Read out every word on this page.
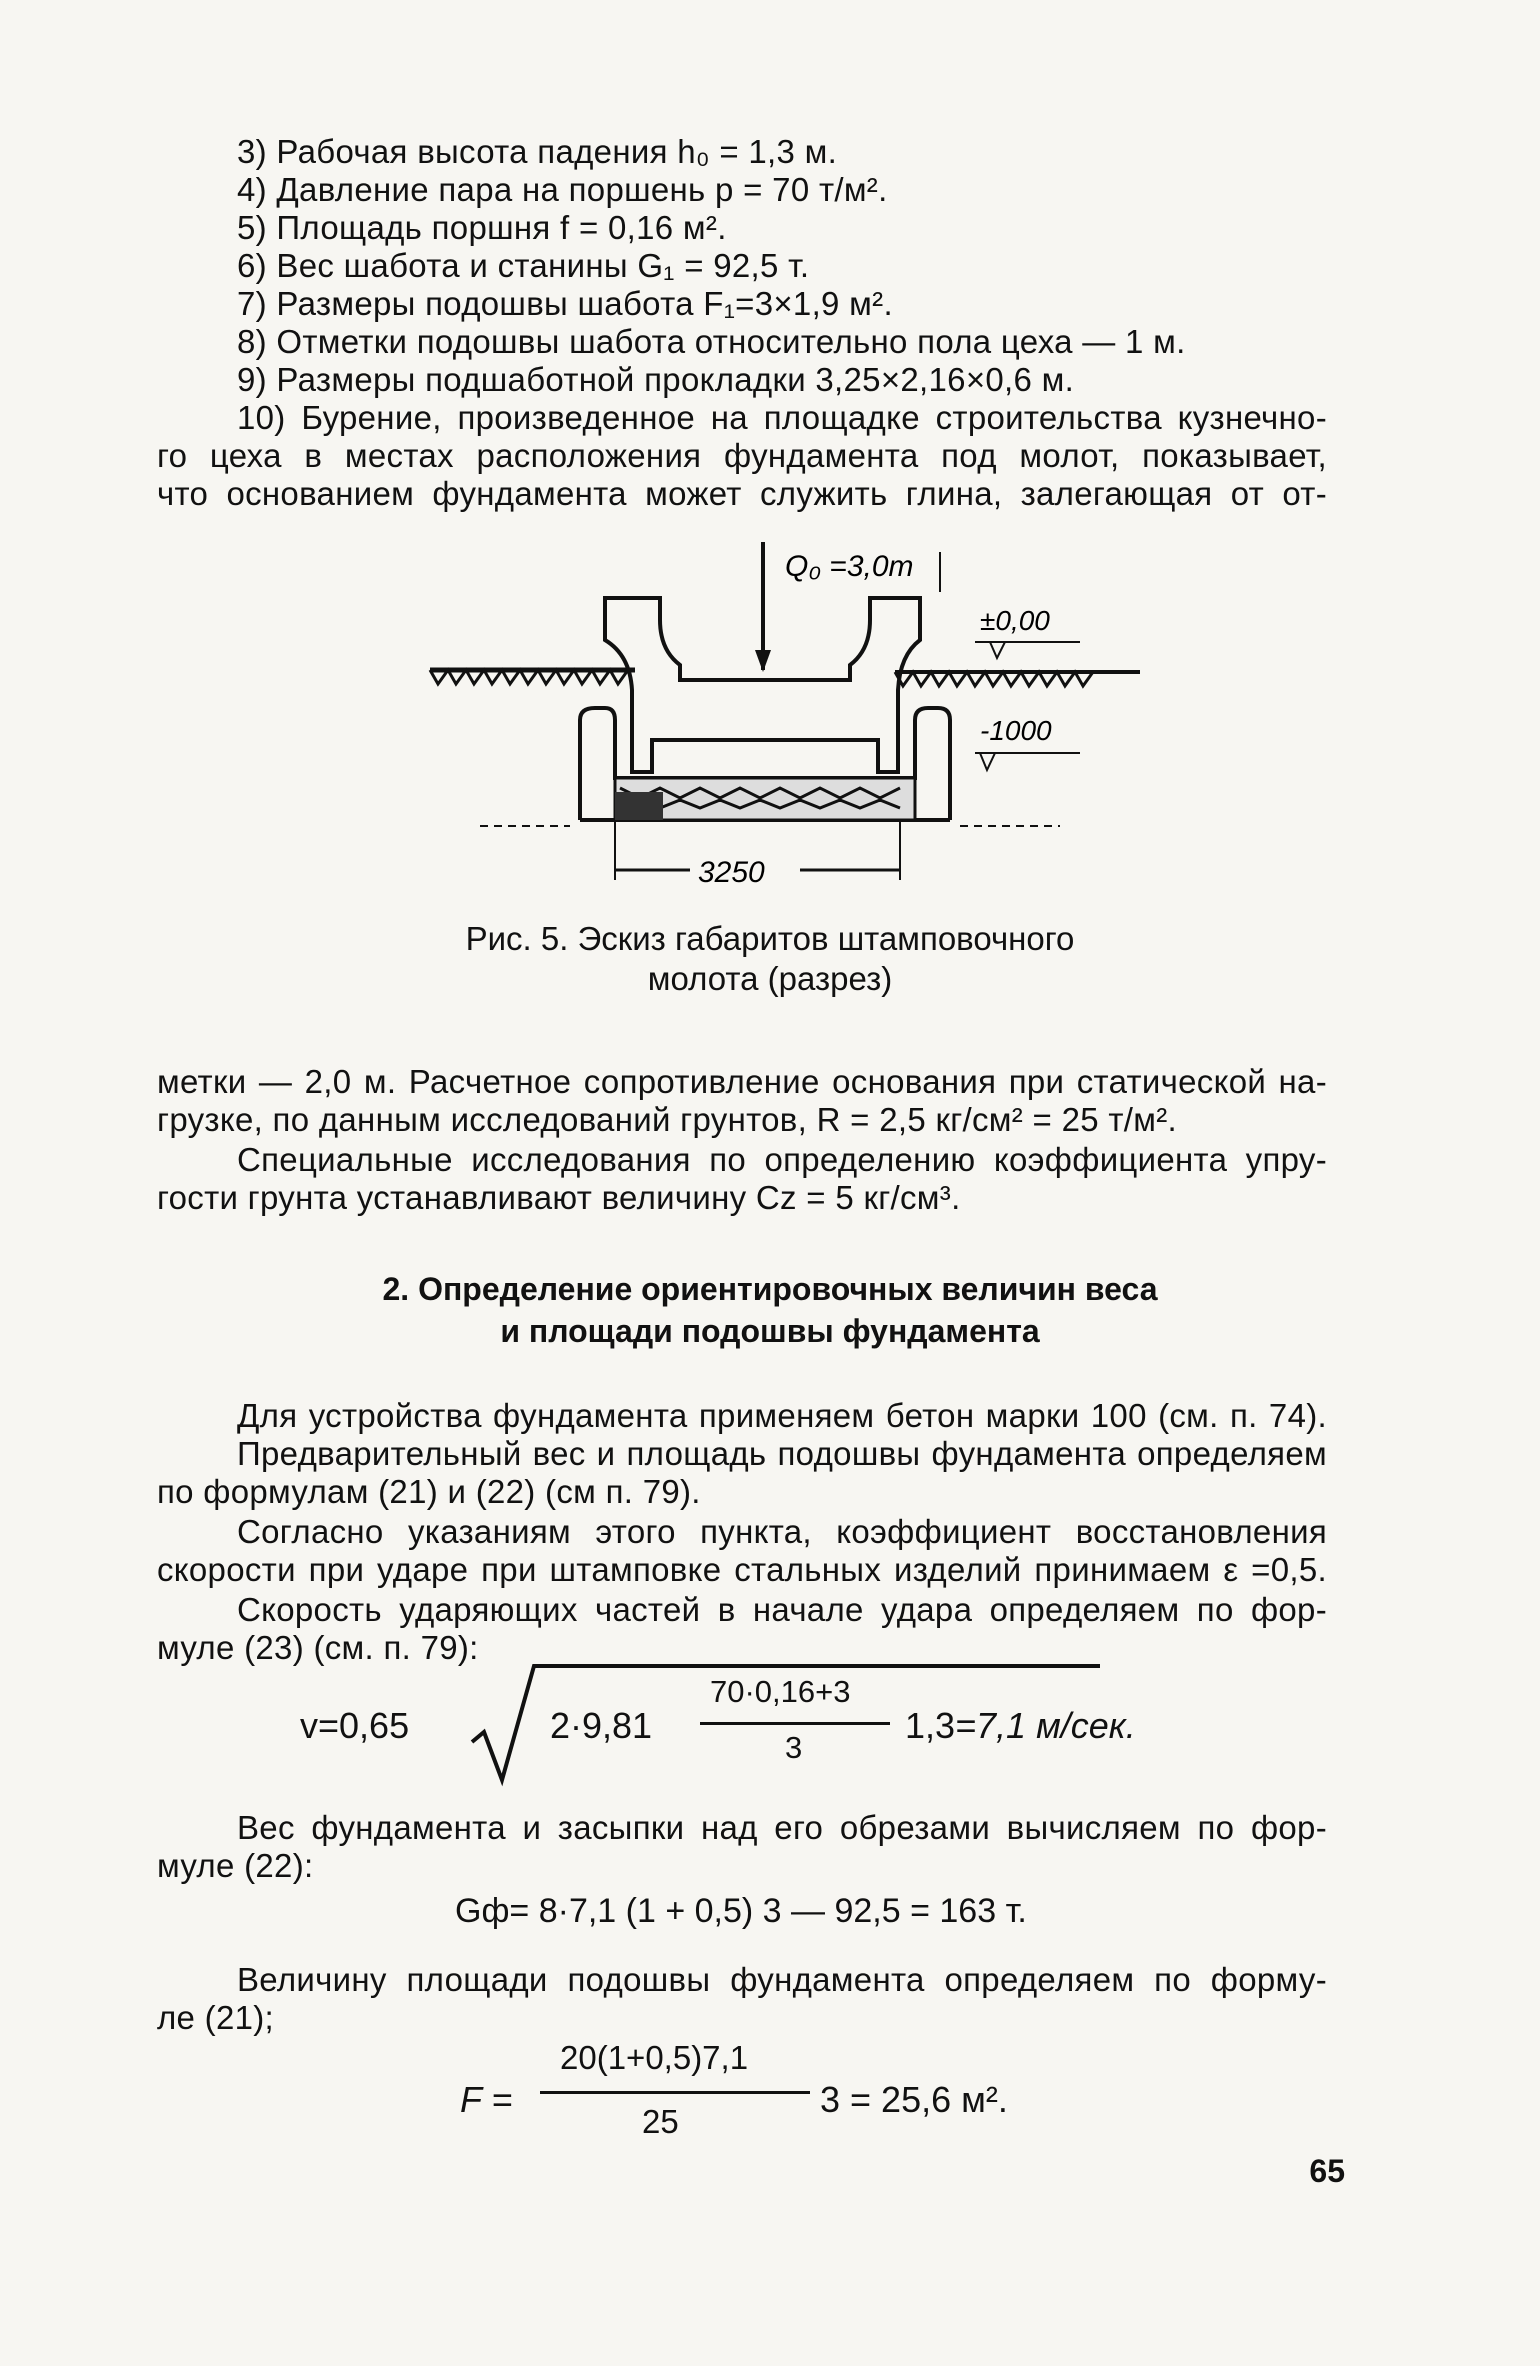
3) Рабочая высота падения h₀ = 1,3 м.
4) Давление пара на поршень p = 70 т/м².
5) Площадь поршня f = 0,16 м².
6) Вес шабота и станины G₁ = 92,5 т.
7) Размеры подошвы шабота F₁=3×1,9 м².
8) Отметки подошвы шабота относительно пола цеха — 1 м.
9) Размеры подшаботной прокладки 3,25×2,16×0,6 м.
10) Бурение, произведенное на площадке строительства кузнечно-
го цеха в местах расположения фундамента под молот, показывает,
что основанием фундамента может служить глина, залегающая от от-
Q₀ =3,0т
±0,00
-1000
3250
Рис. 5. Эскиз габаритов штамповочного
молота (разрез)
метки — 2,0 м. Расчетное сопротивление основания при статической на-
грузке, по данным исследований грунтов, R = 2,5 кг/см² = 25 т/м².
Специальные исследования по определению коэффициента упру-
гости грунта устанавливают величину Cᴢ = 5 кг/см³.
2. Определение ориентировочных величин веса
и площади подошвы фундамента
Для устройства фундамента применяем бетон марки 100 (см. п. 74).
Предварительный вес и площадь подошвы фундамента определяем
по формулам (21) и (22) (см п. 79).
Согласно указаниям этого пункта, коэффициент восстановления
скорости при ударе при штамповке стальных изделий принимаем ε =0,5.
Скорость ударяющих частей в начале удара определяем по фор-
муле (23) (см. п. 79):
v=0,65	2·9,81
70·0,16+3
3
1,3 =7,1 м/сек.
Вес фундамента и засыпки над его обрезами вычисляем по фор-
муле (22):
Gф= 8·7,1 (1 + 0,5) 3 — 92,5 = 163 т.
Величину площади подошвы фундамента определяем по форму-
ле (21);
F =
20(1+0,5)7,1
25
3 = 25,6 м².
65
